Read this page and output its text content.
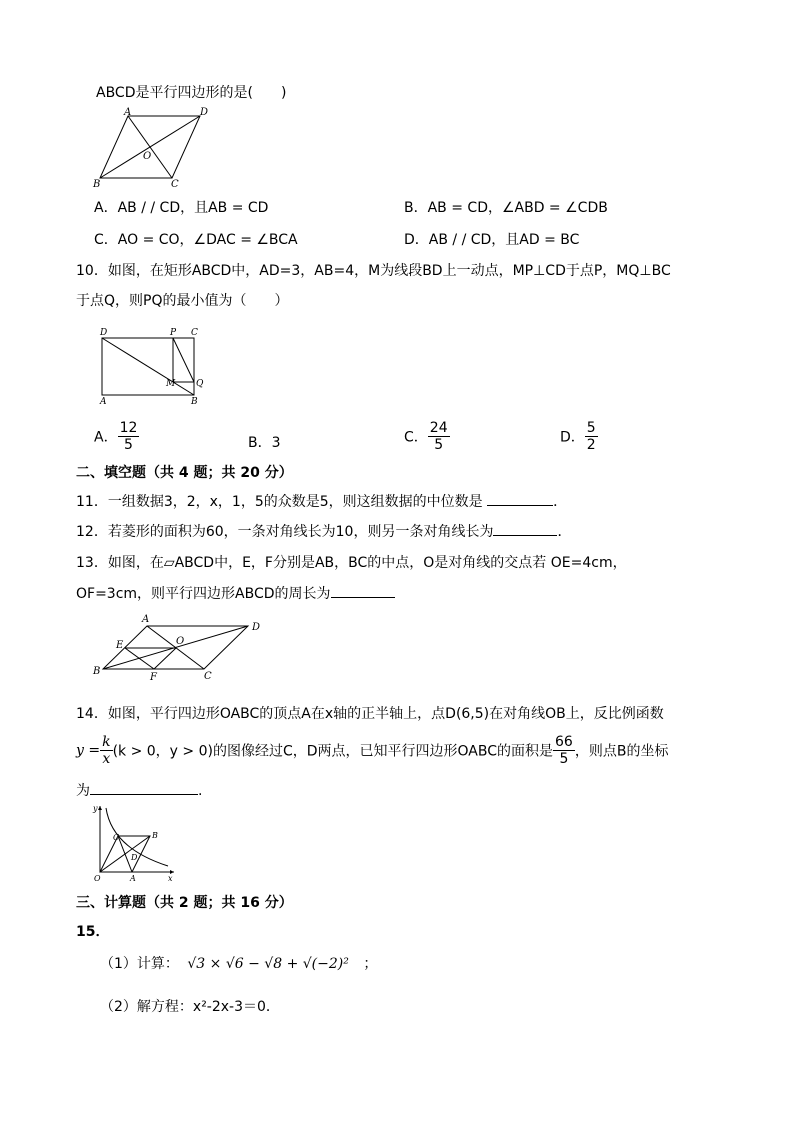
ABCD是平行四边形的是(　　)
A	D
B	C
O
A．AB / / CD，且AB = CD	B．AB = CD，∠ABD = ∠CDB
C．AO = CO，∠DAC = ∠BCA	D．AB / / CD，且AD = BC
10．如图，在矩形ABCD中，AD=3，AB=4，M为线段BD上一动点，MP⊥CD于点P，MQ⊥BC
于点Q，则PQ的最小值为（　　）
D	P C
M Q
A	B
A． $\frac{12}{5}$	B．3	C． $\frac{24}{5}$	D． $\frac{5}{2}$
二、填空题（共 4 题；共 20 分）
11．一组数据3，2，x，1，5的众数是5，则这组数据的中位数是	．
12．若菱形的面积为60，一条对角线长为10，则另一条对角线长为	．
13．如图，在▱ABCD中，E，F分别是AB，BC的中点，O是对角线的交点若 OE=4cm，
OF=3cm，则平行四边形ABCD的周长为
A
D
E	O
B
F	C
14．如图，平行四边形OABC的顶点A在x轴的正半轴上，点D(6,5)在对角线OB上，反比例函数
$y = \frac{k}{x} (k > 0$，y > 0)的图像经过C，D两点，已知平行四边形OABC的面积是 $\frac{66}{5}$ ，则点B的坐标
为	.
y
C	B
D
O	A	x
三、计算题（共 2 题；共 16 分）
15．
（1）计算： √3 × √6 − √8 + √(−2)² ；
（2）解方程：x²-2x-3＝0．
